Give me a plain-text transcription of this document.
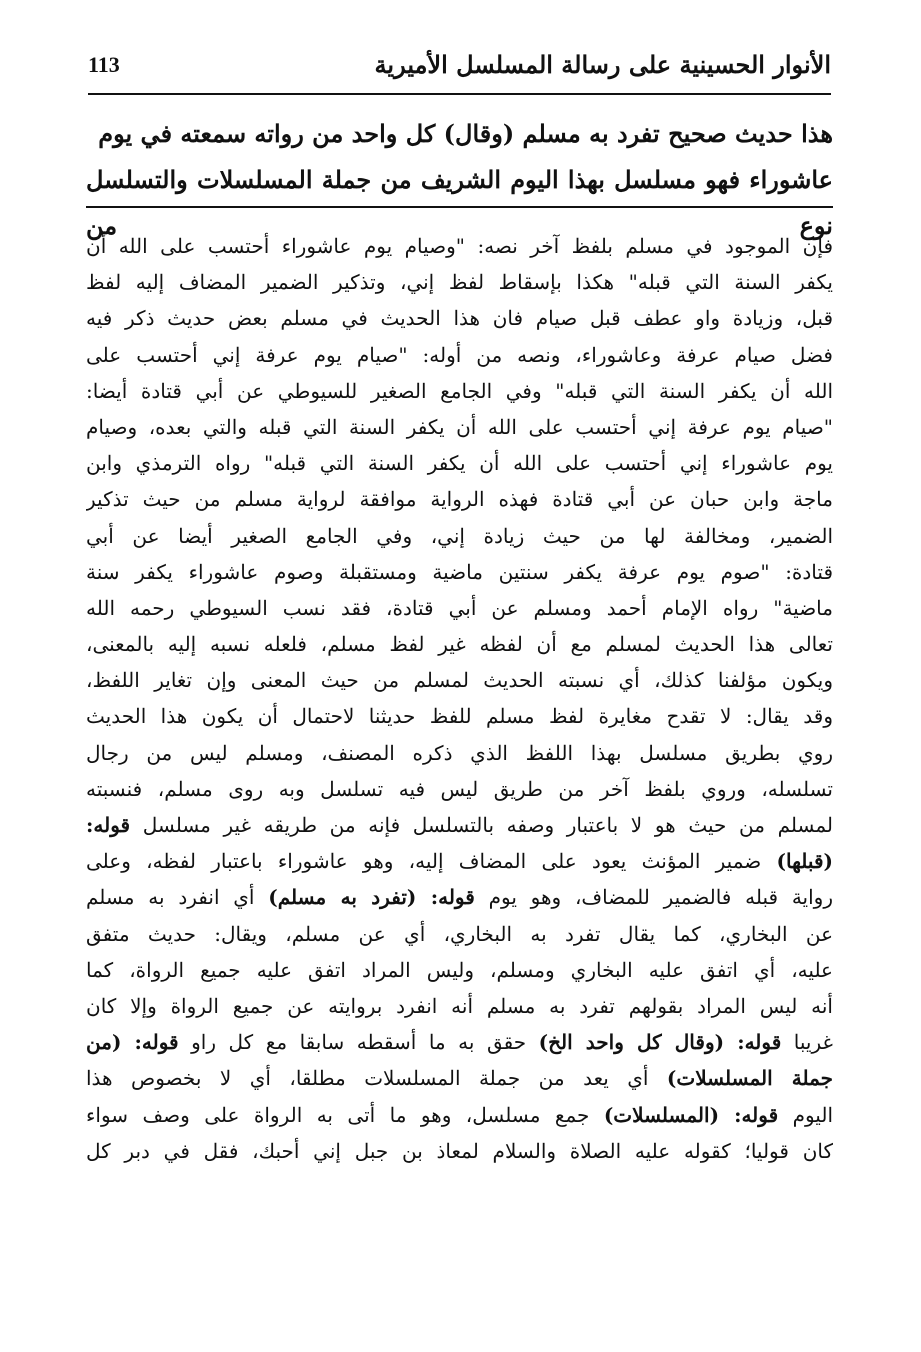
الأنوار الحسينية على رسالة المسلسل الأميرية
113

هذا حديث صحيح تفرد به مسلم (وقال) كل واحد من رواته سمعته في يوم

عاشوراء فهو مسلسل بهذا اليوم الشريف من جملة المسلسلات والتسلسل نوع من

فإن الموجود في مسلم بلفظ آخر نصه: "وصيام يوم عاشوراء أحتسب على الله أن
يكفر السنة التي قبله" هكذا بإسقاط لفظ إني، وتذكير الضمير المضاف إليه لفظ
قبل، وزيادة واو عطف قبل صيام فان هذا الحديث في مسلم بعض حديث ذكر فيه
فضل صيام عرفة وعاشوراء، ونصه من أوله: "صيام يوم عرفة إني أحتسب على
الله أن يكفر السنة التي قبله" وفي الجامع الصغير للسيوطي عن أبي قتادة أيضا:
"صيام يوم عرفة إني أحتسب على الله أن يكفر السنة التي قبله والتي بعده، وصيام
يوم عاشوراء إني أحتسب على الله أن يكفر السنة التي قبله" رواه الترمذي وابن
ماجة وابن حبان عن أبي قتادة فهذه الرواية موافقة لرواية مسلم من حيث تذكير
الضمير، ومخالفة لها من حيث زيادة إني، وفي الجامع الصغير أيضا عن أبي
قتادة: "صوم يوم عرفة يكفر سنتين ماضية ومستقبلة وصوم عاشوراء يكفر سنة
ماضية" رواه الإمام أحمد ومسلم عن أبي قتادة، فقد نسب السيوطي رحمه الله
تعالى هذا الحديث لمسلم مع أن لفظه غير لفظ مسلم، فلعله نسبه إليه بالمعنى،
ويكون مؤلفنا كذلك، أي نسبته الحديث لمسلم من حيث المعنى وإن تغاير اللفظ،
وقد يقال: لا تقدح مغايرة لفظ مسلم للفظ حديثنا لاحتمال أن يكون هذا الحديث
روي بطريق مسلسل بهذا اللفظ الذي ذكره المصنف، ومسلم ليس من رجال
تسلسله، وروي بلفظ آخر من طريق ليس فيه تسلسل وبه روى مسلم، فنسبته
لمسلم من حيث هو لا باعتبار وصفه بالتسلسل فإنه من طريقه غير مسلسل قوله:
(قبلها) ضمير المؤنث يعود على المضاف إليه، وهو عاشوراء باعتبار لفظه، وعلى
رواية قبله فالضمير للمضاف، وهو يوم قوله: (تفرد به مسلم) أي انفرد به مسلم
عن البخاري، كما يقال تفرد به البخاري، أي عن مسلم، ويقال: حديث متفق
عليه، أي اتفق عليه البخاري ومسلم، وليس المراد اتفق عليه جميع الرواة، كما
أنه ليس المراد بقولهم تفرد به مسلم أنه انفرد بروايته عن جميع الرواة وإلا كان
غريبا قوله: (وقال كل واحد الخ) حقق به ما أسقطه سابقا مع كل راو قوله: (من
جملة المسلسلات) أي يعد من جملة المسلسلات مطلقا، أي لا بخصوص هذا
اليوم قوله: (المسلسلات) جمع مسلسل، وهو ما أتى به الرواة على وصف سواء
كان قوليا؛ كقوله عليه الصلاة والسلام لمعاذ بن جبل إني أحبك، فقل في دبر كل
